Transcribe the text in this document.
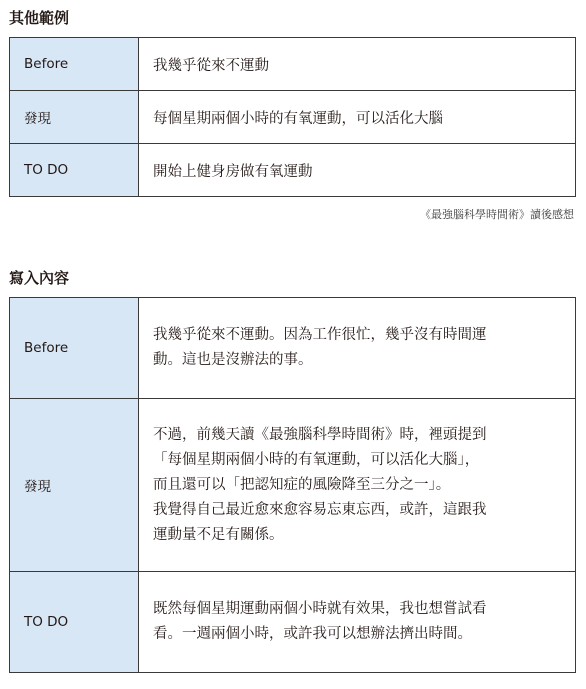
其他範例
Before	我幾乎從來不運動
發現	每個星期兩個小時的有氧運動，可以活化大腦
TO DO	開始上健身房做有氧運動
《最強腦科學時間術》讀後感想
寫入內容
Before	我幾乎從來不運動。因為工作很忙，幾乎沒有時間運
動。這也是沒辦法的事。

發現	不過，前幾天讀《最強腦科學時間術》時，裡頭提到
「每個星期兩個小時的有氧運動，可以活化大腦」，
而且還可以「把認知症的風險降至三分之一」。
我覺得自己最近愈來愈容易忘東忘西，或許，這跟我
運動量不足有關係。

TO DO	既然每個星期運動兩個小時就有效果，我也想嘗試看
看。一週兩個小時，或許我可以想辦法擠出時間。
